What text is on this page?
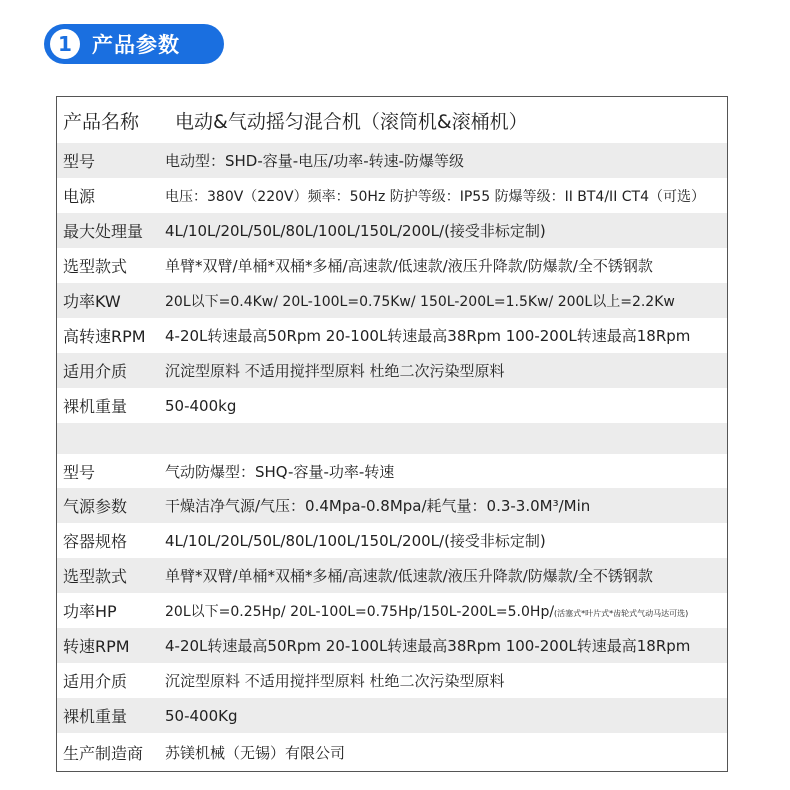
1 产品参数
产品名称 电动&气动摇匀混合机（滚筒机&滚桶机）
型号	电动型：SHD-容量-电压/功率-转速-防爆等级
电源	电压：380V（220V）频率：50Hz 防护等级：IP55 防爆等级：II BT4/II CT4（可选）
最大处理量 4L/10L/20L/50L/80L/100L/150L/200L/(接受非标定制)
选型款式	单臂*双臂/单桶*双桶*多桶/高速款/低速款/液压升降款/防爆款/全不锈钢款
功率KW	20L以下=0.4Kw/ 20L-100L=0.75Kw/ 150L-200L=1.5Kw/ 200L以上=2.2Kw
高转速RPM 4-20L转速最高50Rpm 20-100L转速最高38Rpm 100-200L转速最高18Rpm
适用介质	沉淀型原料 不适用搅拌型原料 杜绝二次污染型原料
裸机重量	50-400kg
型号	气动防爆型：SHQ-容量-功率-转速
气源参数	干燥洁净气源/气压：0.4Mpa-0.8Mpa/耗气量：0.3-3.0M³/Min
容器规格	4L/10L/20L/50L/80L/100L/150L/200L/(接受非标定制)
选型款式	单臂*双臂/单桶*双桶*多桶/高速款/低速款/液压升降款/防爆款/全不锈钢款
功率HP	20L以下=0.25Hp/ 20L-100L=0.75Hp/150L-200L=5.0Hp/(活塞式*叶片式*齿轮式气动马达可选)
转速RPM 4-20L转速最高50Rpm 20-100L转速最高38Rpm 100-200L转速最高18Rpm
适用介质	沉淀型原料 不适用搅拌型原料 杜绝二次污染型原料
裸机重量	50-400Kg
生产制造商 苏镁机械（无锡）有限公司
